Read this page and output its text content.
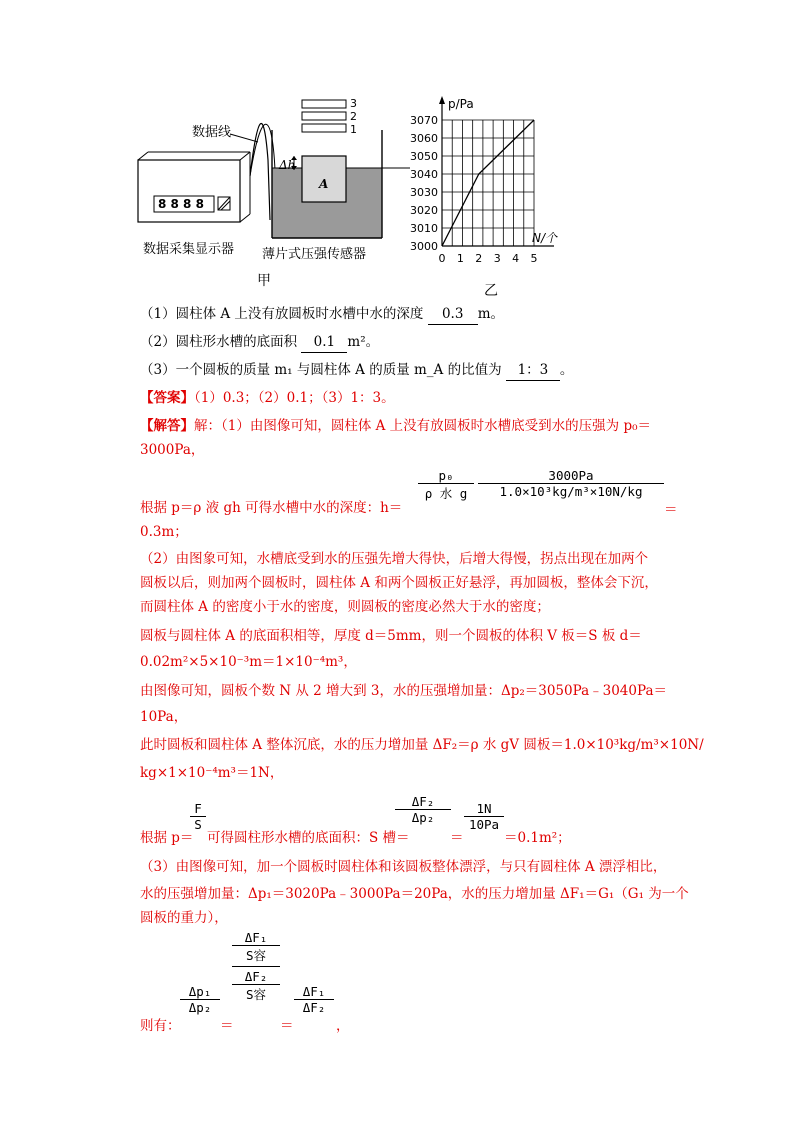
8 8 8 8
数据线
数据采集显示器 薄片式压强传感器
A
Δh
3
2
1
甲
3000
3010
3020
3030
3040
3050
3060
3070
0 1 2 3 4 5
p/Pa
N/个
乙
（1）圆柱体 A 上没有放圆板时水槽中水的深度 0.3 m。
（2）圆柱形水槽的底面积 0.1 m²。
（3）一个圆板的质量 m₁ 与圆柱体 A 的质量 m_A 的比值为 1：3 。
【答案】（1）0.3；（2）0.1；（3）1：3。
【解答】解：（1）由图像可知，圆柱体 A 上没有放圆板时水槽底受到水的压强为 p₀＝
3000Pa，
根据 p＝ρ 液 gh 可得水槽中水的深度：h＝
p₀
ρ 水 g
3000Pa
1.0×10³kg/m³×10N/kg
＝
0.3m；
（2）由图象可知，水槽底受到水的压强先增大得快，后增大得慢，拐点出现在加两个
圆板以后，则加两个圆板时，圆柱体 A 和两个圆板正好悬浮，再加圆板，整体会下沉，
而圆柱体 A 的密度小于水的密度，则圆板的密度必然大于水的密度；
圆板与圆柱体 A 的底面积相等，厚度 d＝5mm，则一个圆板的体积 V 板＝S 板 d＝
0.02m²×5×10⁻³m＝1×10⁻⁴m³，
由图像可知，圆板个数 N 从 2 增大到 3，水的压强增加量：Δp₂＝3050Pa﹣3040Pa＝
10Pa，
此时圆板和圆柱体 A 整体沉底，水的压力增加量 ΔF₂＝ρ 水 gV 圆板＝1.0×10³kg/m³×10N/
kg×1×10⁻⁴m³＝1N，
根据 p＝
F
S
可得圆柱形水槽的底面积：S 槽＝
ΔF₂
Δp₂
＝
1N
10Pa
＝0.1m²；
（3）由图像可知，加一个圆板时圆柱体和该圆板整体漂浮，与只有圆柱体 A 漂浮相比，
水的压强增加量：Δp₁＝3020Pa﹣3000Pa＝20Pa，水的压力增加量 ΔF₁＝G₁（G₁ 为一个
圆板的重力），
则有：
Δp₁
Δp₂
＝
ΔF₁
S容
ΔF₂
S容
＝
ΔF₁
ΔF₂
，
